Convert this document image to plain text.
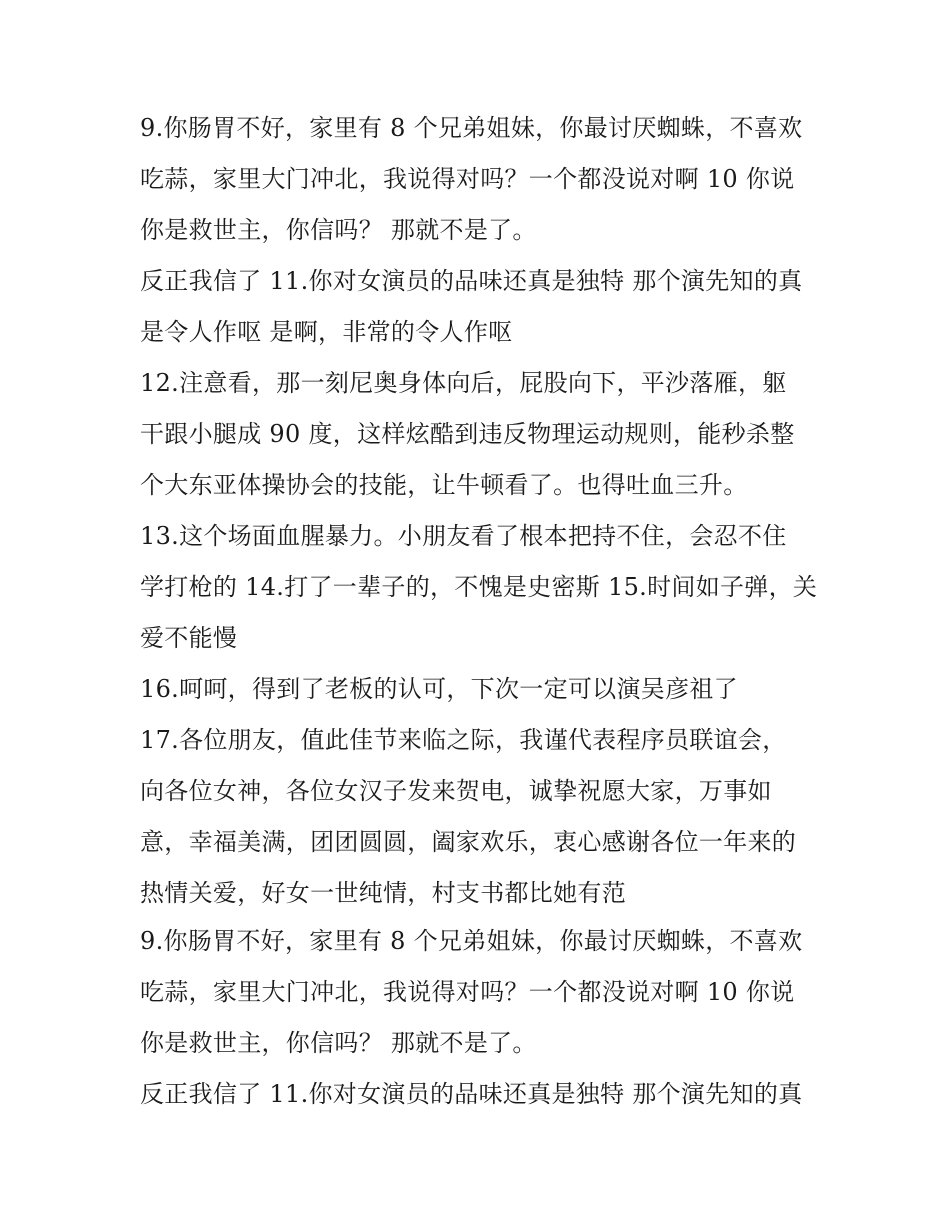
9.你肠胃不好，家里有 8 个兄弟姐妹，你最讨厌蜘蛛，不喜欢
吃蒜，家里大门冲北，我说得对吗？一个都没说对啊 10 你说
你是救世主，你信吗？ 那就不是了。
反正我信了 11.你对女演员的品味还真是独特 那个演先知的真
是令人作呕 是啊，非常的令人作呕
12.注意看，那一刻尼奥身体向后，屁股向下，平沙落雁，躯
干跟小腿成 90 度，这样炫酷到违反物理运动规则，能秒杀整
个大东亚体操协会的技能，让牛顿看了。也得吐血三升。
13.这个场面血腥暴力。小朋友看了根本把持不住，会忍不住
学打枪的 14.打了一辈子的，不愧是史密斯 15.时间如子弹，关
爱不能慢
16.呵呵，得到了老板的认可，下次一定可以演吴彦祖了
17.各位朋友，值此佳节来临之际，我谨代表程序员联谊会，
向各位女神，各位女汉子发来贺电，诚挚祝愿大家，万事如
意，幸福美满，团团圆圆，阖家欢乐，衷心感谢各位一年来的
热情关爱，好女一世纯情，村支书都比她有范
9.你肠胃不好，家里有 8 个兄弟姐妹，你最讨厌蜘蛛，不喜欢
吃蒜，家里大门冲北，我说得对吗？一个都没说对啊 10 你说
你是救世主，你信吗？ 那就不是了。
反正我信了 11.你对女演员的品味还真是独特 那个演先知的真
